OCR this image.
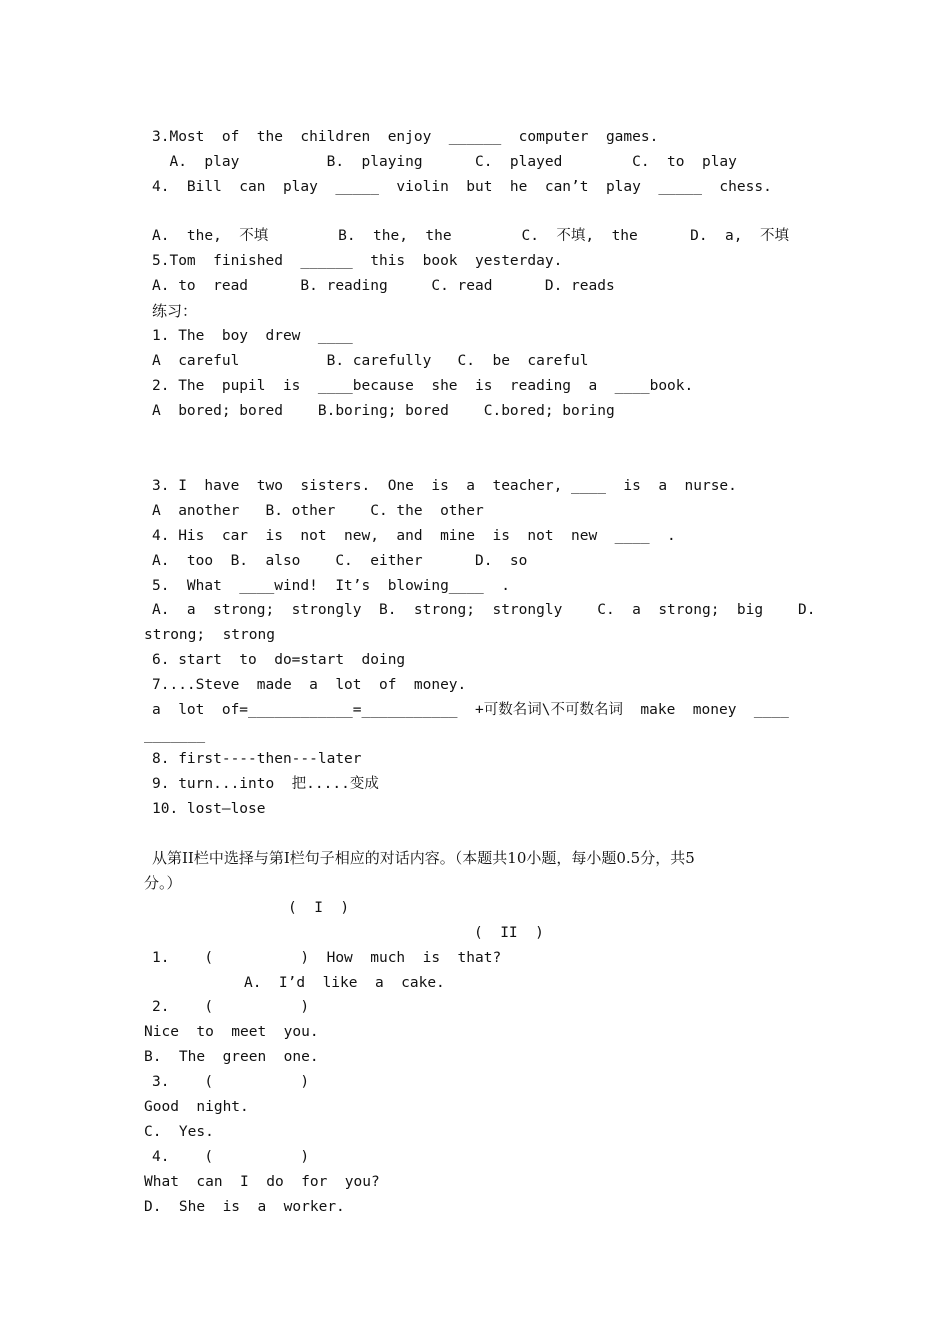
3.Most  of  the  children  enjoy  ______  computer  games.
A.  play          B.  playing      C.  played        C.  to  play
4.  Bill  can  play  _____  violin  but  he  can’t  play  _____  chess.
A.  the,  不填        B.  the,  the        C.  不填,  the      D.  a,  不填
5.Tom  finished  ______  this  book  yesterday.
A. to  read      B. reading     C. read      D. reads
练习：
1. The  boy  drew  ____
A  careful          B. carefully   C.  be  careful
2. The  pupil  is  ____because  she  is  reading  a  ____book.
A  bored; bored    B.boring; bored    C.bored; boring
3. I  have  two  sisters.  One  is  a  teacher, ____  is  a  nurse.
A  another   B. other    C. the  other
4. His  car  is  not  new,  and  mine  is  not  new  ____  .
A.  too  B.  also    C.  either      D.  so
5.  What  ____wind!  It’s  blowing____  .
A.  a  strong;  strongly  B.  strong;  strongly    C.  a  strong;  big    D.
strong;  strong
6. start  to  do=start  doing
7....Steve  made  a  lot  of  money.
a  lot  of=____________=___________  +可数名词\不可数名词  make  money  ____
_______
8. first----then---later
9. turn...into  把.....变成
10. lost—lose
从第II栏中选择与第I栏句子相应的对话内容。（本题共10小题，每小题0.5分，共5
分。）
(  I  )
(  II  )
1.    (          )  How  much  is  that?
A.  I’d  like  a  cake.
2.    (          )
Nice  to  meet  you.
B.  The  green  one.
3.    (          )
Good  night.
C.  Yes.
4.    (          )
What  can  I  do  for  you?
D.  She  is  a  worker.
